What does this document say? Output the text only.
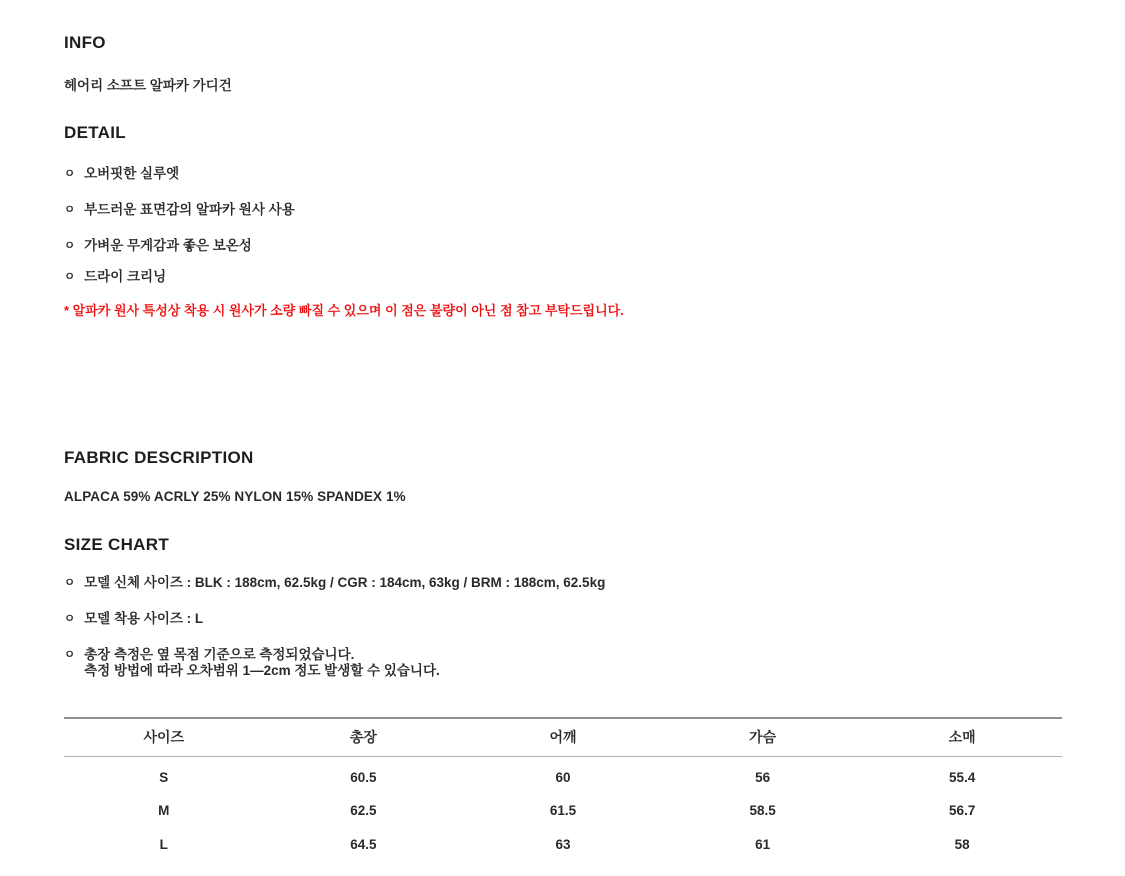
INFO
헤어리 소프트 알파카 가디건
DETAIL
ㅇ 오버핏한 실루엣
ㅇ 부드러운 표면감의 알파카 원사 사용
ㅇ 가벼운 무게감과 좋은 보온성
ㅇ 드라이 크리닝
* 알파카 원사 특성상 착용 시 원사가 소량 빠질 수 있으며 이 점은 불량이 아닌 점 참고 부탁드립니다.
FABRIC DESCRIPTION
ALPACA 59% ACRLY 25% NYLON 15% SPANDEX 1%
SIZE CHART
ㅇ 모델 신체 사이즈 : BLK : 188cm, 62.5kg / CGR : 184cm, 63kg / BRM : 188cm, 62.5kg
ㅇ 모델 착용 사이즈 : L
ㅇ 총장 측정은 옆 목점 기준으로 측정되었습니다.
측정 방법에 따라 오차범위 1—2cm 정도 발생할 수 있습니다.
사이즈	총장	어깨	가슴	소매
S	60.5	60	56	55.4
M	62.5	61.5	58.5	56.7
L	64.5	63	61	58
